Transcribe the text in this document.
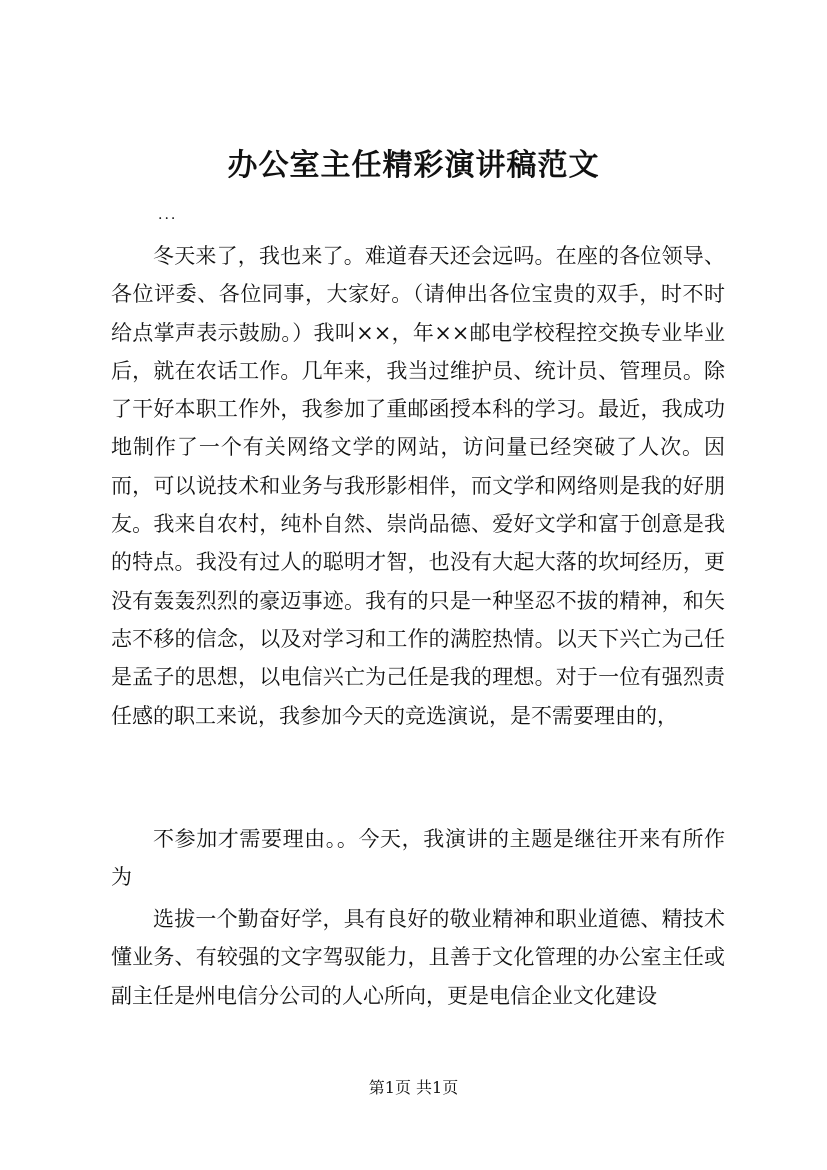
办公室主任精彩演讲稿范文
...

冬天来了，我也来了。难道春天还会远吗。在座的各位领导、各位评委、各位同事，大家好。（请伸出各位宝贵的双手，时不时给点掌声表示鼓励。）我叫××，年××邮电学校程控交换专业毕业后，就在农话工作。几年来，我当过维护员、统计员、管理员。除了干好本职工作外，我参加了重邮函授本科的学习。最近，我成功地制作了一个有关网络文学的网站，访问量已经突破了人次。因而，可以说技术和业务与我形影相伴，而文学和网络则是我的好朋友。我来自农村，纯朴自然、崇尚品德、爱好文学和富于创意是我的特点。我没有过人的聪明才智，也没有大起大落的坎坷经历，更没有轰轰烈烈的豪迈事迹。我有的只是一种坚忍不拔的精神，和矢志不移的信念，以及对学习和工作的满腔热情。以天下兴亡为己任是孟子的思想，以电信兴亡为己任是我的理想。对于一位有强烈责任感的职工来说，我参加今天的竞选演说，是不需要理由的，

不参加才需要理由。。今天，我演讲的主题是继往开来有所作为

选拔一个勤奋好学，具有良好的敬业精神和职业道德、精技术懂业务、有较强的文字驾驭能力，且善于文化管理的办公室主任或副主任是州电信分公司的人心所向，更是电信企业文化建设

第1页 共1页
